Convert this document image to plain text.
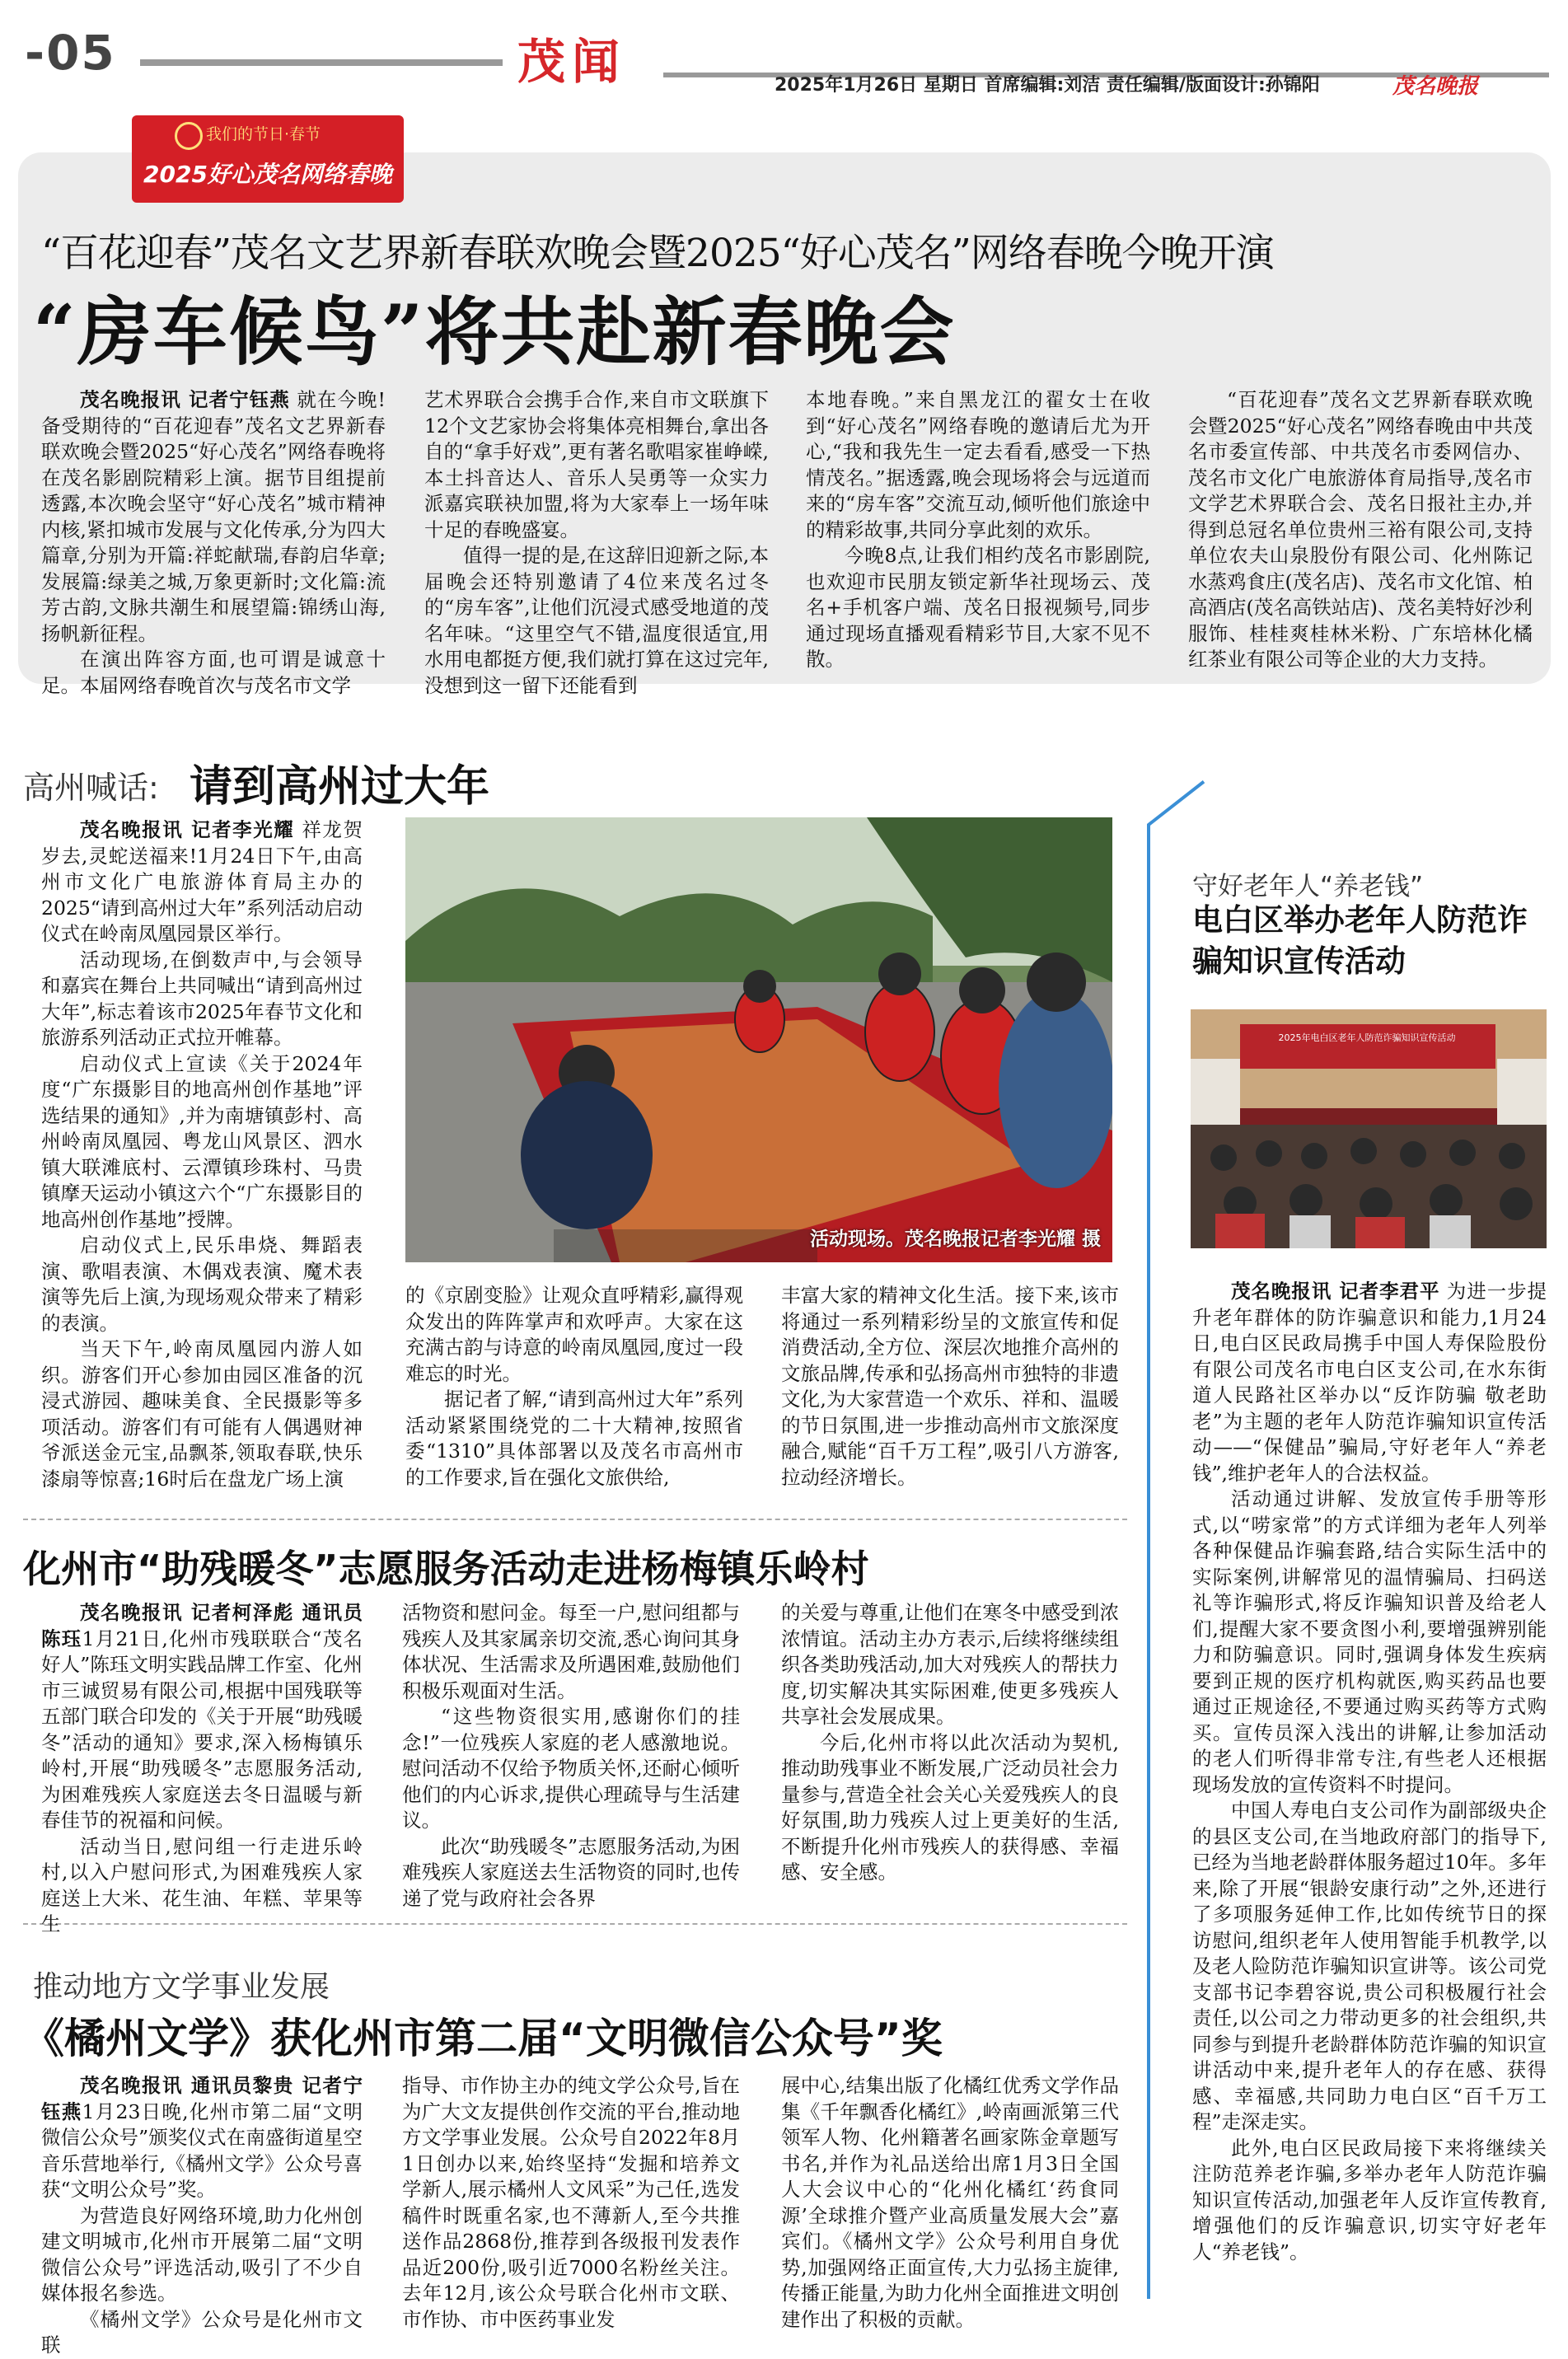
-05	茂闻	2025年1月26日 星期日 首席编辑:刘洁 责任编辑/版面设计:孙锦阳	茂名晚报
我们的节日·春节
2025好心茂名网络春晚
“百花迎春”茂名文艺界新春联欢晚会暨2025“好心茂名”网络春晚今晚开演
“房车候鸟”将共赴新春晚会

茂名晚报讯 记者宁钰燕 就在今晚!备受期待的“百花迎春”茂名文艺界新春联欢晚会暨2025“好心茂名”网络春晚将在茂名影剧院精彩上演。据节目组提前透露,本次晚会坚守“好心茂名”城市精神内核,紧扣城市发展与文化传承,分为四大篇章,分别为开篇:祥蛇献瑞,春韵启华章;发展篇:绿美之城,万象更新时;文化篇:流芳古韵,文脉共潮生和展望篇:锦绣山海,扬帆新征程。

在演出阵容方面,也可谓是诚意十足。本届网络春晚首次与茂名市文学

艺术界联合会携手合作,来自市文联旗下12个文艺家协会将集体亮相舞台,拿出各自的“拿手好戏”,更有著名歌唱家崔峥嵘,本土抖音达人、音乐人吴勇等一众实力派嘉宾联袂加盟,将为大家奉上一场年味十足的春晚盛宴。

值得一提的是,在这辞旧迎新之际,本届晚会还特别邀请了4位来茂名过冬的“房车客”,让他们沉浸式感受地道的茂名年味。“这里空气不错,温度很适宜,用水用电都挺方便,我们就打算在这过完年,没想到这一留下还能看到

本地春晚。”来自黑龙江的翟女士在收到“好心茂名”网络春晚的邀请后尤为开心,“我和我先生一定去看看,感受一下热情茂名。”据透露,晚会现场将会与远道而来的“房车客”交流互动,倾听他们旅途中的精彩故事,共同分享此刻的欢乐。

今晚8点,让我们相约茂名市影剧院,也欢迎市民朋友锁定新华社现场云、茂名+手机客户端、茂名日报视频号,同步通过现场直播观看精彩节目,大家不见不散。

“百花迎春”茂名文艺界新春联欢晚会暨2025“好心茂名”网络春晚由中共茂名市委宣传部、中共茂名市委网信办、茂名市文化广电旅游体育局指导,茂名市文学艺术界联合会、茂名日报社主办,并得到总冠名单位贵州三裕有限公司,支持单位农夫山泉股份有限公司、化州陈记水蒸鸡食庄(茂名店)、茂名市文化馆、柏高酒店(茂名高铁站店)、茂名美特好沙利服饰、桂桂爽桂林米粉、广东培林化橘红茶业有限公司等企业的大力支持。

高州喊话: 请到高州过大年

茂名晚报讯 记者李光耀 祥龙贺岁去,灵蛇送福来!1月24日下午,由高州市文化广电旅游体育局主办的2025“请到高州过大年”系列活动启动仪式在岭南凤凰园景区举行。

活动现场,在倒数声中,与会领导和嘉宾在舞台上共同喊出“请到高州过大年”,标志着该市2025年春节文化和旅游系列活动正式拉开帷幕。

启动仪式上宣读《关于2024年度“广东摄影目的地高州创作基地”评选结果的通知》,并为南塘镇彭村、高州岭南凤凰园、粤龙山风景区、泗水镇大联滩底村、云潭镇珍珠村、马贵镇摩天运动小镇这六个“广东摄影目的地高州创作基地”授牌。

启动仪式上,民乐串烧、舞蹈表演、歌唱表演、木偶戏表演、魔术表演等先后上演,为现场观众带来了精彩的表演。

当天下午,岭南凤凰园内游人如织。游客们开心参加由园区准备的沉浸式游园、趣味美食、全民摄影等多项活动。游客们有可能有人偶遇财神爷派送金元宝,品飘茶,领取春联,快乐漆扇等惊喜;16时后在盘龙广场上演

活动现场。茂名晚报记者李光耀 摄

的《京剧变脸》让观众直呼精彩,赢得观众发出的阵阵掌声和欢呼声。大家在这充满古韵与诗意的岭南凤凰园,度过一段难忘的时光。

据记者了解,“请到高州过大年”系列活动紧紧围绕党的二十大精神,按照省委“1310”具体部署以及茂名市高州市的工作要求,旨在强化文旅供给,

丰富大家的精神文化生活。接下来,该市将通过一系列精彩纷呈的文旅宣传和促消费活动,全方位、深层次地推介高州的文旅品牌,传承和弘扬高州市独特的非遗文化,为大家营造一个欢乐、祥和、温暖的节日氛围,进一步推动高州市文旅深度融合,赋能“百千万工程”,吸引八方游客,拉动经济增长。

化州市“助残暖冬”志愿服务活动走进杨梅镇乐岭村

茂名晚报讯 记者柯泽彪 通讯员陈珏1月21日,化州市残联联合“茂名好人”陈珏文明实践品牌工作室、化州市三诚贸易有限公司,根据中国残联等五部门联合印发的《关于开展“助残暖冬”活动的通知》要求,深入杨梅镇乐岭村,开展“助残暖冬”志愿服务活动,为困难残疾人家庭送去冬日温暖与新春佳节的祝福和问候。

活动当日,慰问组一行走进乐岭村,以入户慰问形式,为困难残疾人家庭送上大米、花生油、年糕、苹果等生

活物资和慰问金。每至一户,慰问组都与残疾人及其家属亲切交流,悉心询问其身体状况、生活需求及所遇困难,鼓励他们积极乐观面对生活。

“这些物资很实用,感谢你们的挂念!”一位残疾人家庭的老人感激地说。慰问活动不仅给予物质关怀,还耐心倾听他们的内心诉求,提供心理疏导与生活建议。

此次“助残暖冬”志愿服务活动,为困难残疾人家庭送去生活物资的同时,也传递了党与政府社会各界

的关爱与尊重,让他们在寒冬中感受到浓浓情谊。活动主办方表示,后续将继续组织各类助残活动,加大对残疾人的帮扶力度,切实解决其实际困难,使更多残疾人共享社会发展成果。

今后,化州市将以此次活动为契机,推动助残事业不断发展,广泛动员社会力量参与,营造全社会关心关爱残疾人的良好氛围,助力残疾人过上更美好的生活,不断提升化州市残疾人的获得感、幸福感、安全感。

推动地方文学事业发展
《橘州文学》获化州市第二届“文明微信公众号”奖

茂名晚报讯 通讯员黎贵 记者宁钰燕1月23日晚,化州市第二届“文明微信公众号”颁奖仪式在南盛街道星空音乐营地举行,《橘州文学》公众号喜获“文明公众号”奖。

为营造良好网络环境,助力化州创建文明城市,化州市开展第二届“文明微信公众号”评选活动,吸引了不少自媒体报名参选。

《橘州文学》公众号是化州市文联

指导、市作协主办的纯文学公众号,旨在为广大文友提供创作交流的平台,推动地方文学事业发展。公众号自2022年8月1日创办以来,始终坚持“发掘和培养文学新人,展示橘州人文风采”为己任,选发稿件时既重名家,也不薄新人,至今共推送作品2868份,推荐到各级报刊发表作品近200份,吸引近7000名粉丝关注。去年12月,该公众号联合化州市文联、市作协、市中医药事业发

展中心,结集出版了化橘红优秀文学作品集《千年飘香化橘红》,岭南画派第三代领军人物、化州籍著名画家陈金章题写书名,并作为礼品送给出席1月3日全国人大会议中心的“化州化橘红‘药食同源’全球推介暨产业高质量发展大会”嘉宾们。《橘州文学》公众号利用自身优势,加强网络正面宣传,大力弘扬主旋律,传播正能量,为助力化州全面推进文明创建作出了积极的贡献。

守好老年人“养老钱”
电白区举办老年人防范诈骗知识宣传活动
2025年电白区老年人防范诈骗知识宣传活动

茂名晚报讯 记者李君平 为进一步提升老年群体的防诈骗意识和能力,1月24日,电白区民政局携手中国人寿保险股份有限公司茂名市电白区支公司,在水东街道人民路社区举办以“反诈防骗 敬老助老”为主题的老年人防范诈骗知识宣传活动——“保健品”骗局,守好老年人“养老钱”,维护老年人的合法权益。

活动通过讲解、发放宣传手册等形式,以“唠家常”的方式详细为老年人列举各种保健品诈骗套路,结合实际生活中的实际案例,讲解常见的温情骗局、扫码送礼等诈骗形式,将反诈骗知识普及给老人们,提醒大家不要贪图小利,要增强辨别能力和防骗意识。同时,强调身体发生疾病要到正规的医疗机构就医,购买药品也要通过正规途径,不要通过购买药等方式购买。宣传员深入浅出的讲解,让参加活动的老人们听得非常专注,有些老人还根据现场发放的宣传资料不时提问。

中国人寿电白支公司作为副部级央企的县区支公司,在当地政府部门的指导下,已经为当地老龄群体服务超过10年。多年来,除了开展“银龄安康行动”之外,还进行了多项服务延伸工作,比如传统节日的探访慰问,组织老年人使用智能手机教学,以及老人险防范诈骗知识宣讲等。该公司党支部书记李碧容说,贵公司积极履行社会责任,以公司之力带动更多的社会组织,共同参与到提升老龄群体防范诈骗的知识宣讲活动中来,提升老年人的存在感、获得感、幸福感,共同助力电白区“百千万工程”走深走实。

此外,电白区民政局接下来将继续关注防范养老诈骗,多举办老年人防范诈骗知识宣传活动,加强老年人反诈宣传教育,增强他们的反诈骗意识,切实守好老年人“养老钱”。
